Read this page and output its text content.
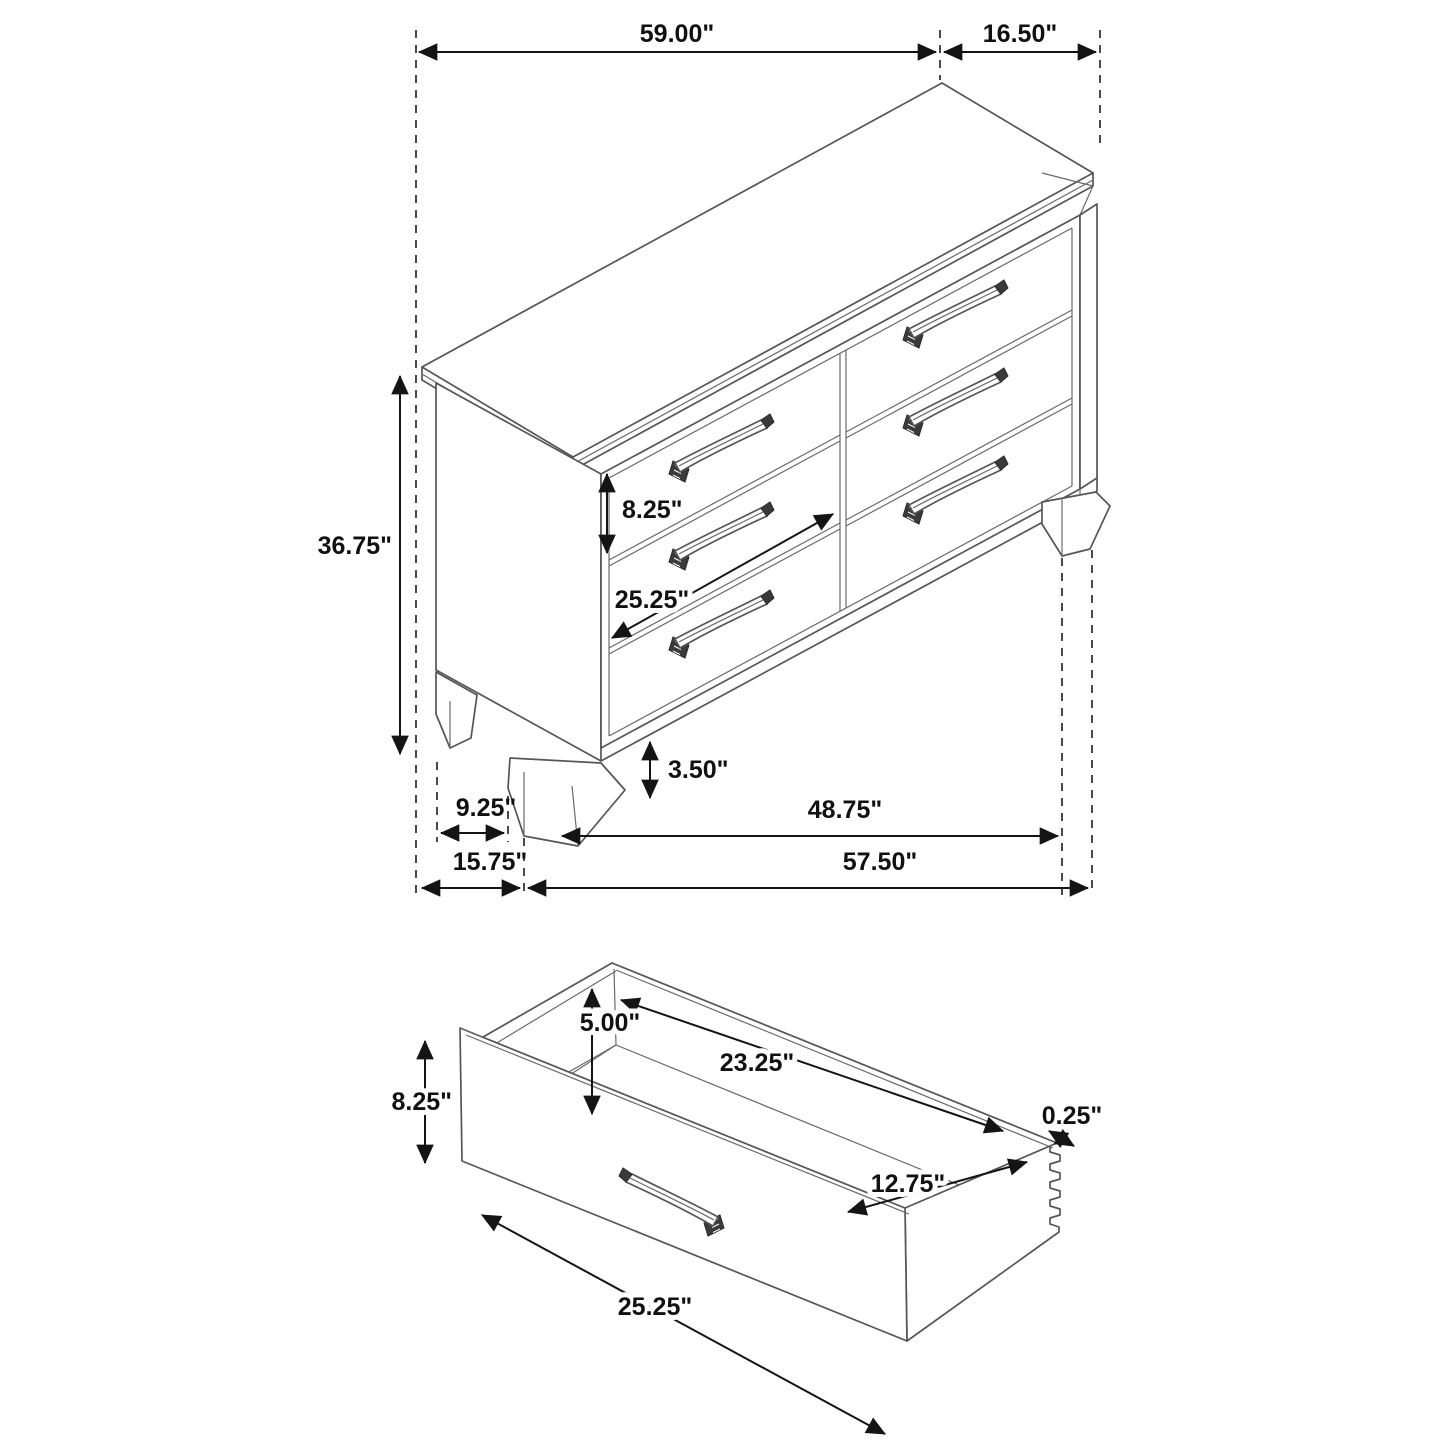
59.00"	16.50"
36.75"
8.25"
25.25"
3.50"
9.25"	48.75"
15.75"	57.50"
8.25"
5.00"
23.25"
12.75"
0.25"
25.25"
